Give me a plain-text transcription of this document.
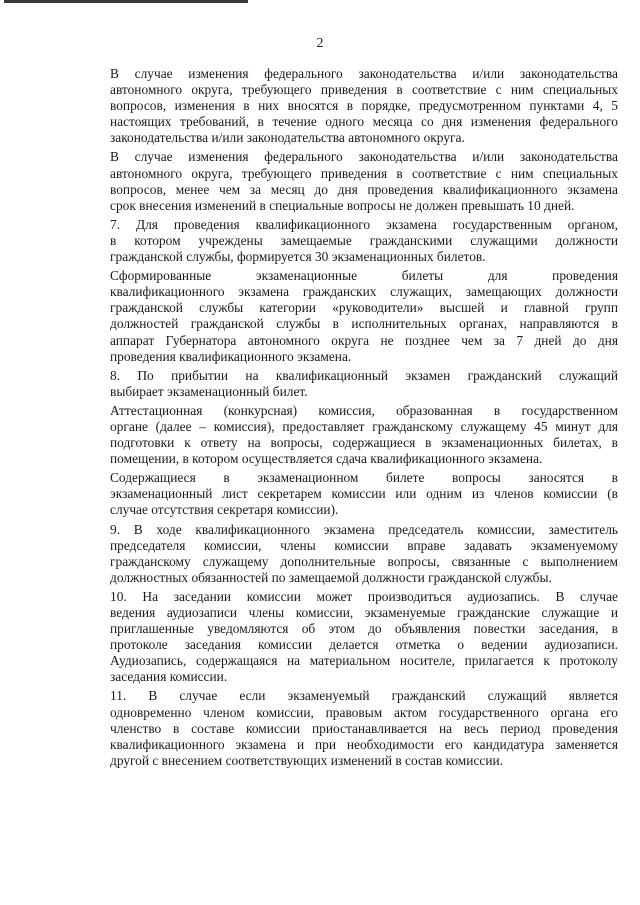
2
В случае изменения федерального законодательства и/или законодательства
автономного округа, требующего приведения в соответствие с ним специальных
вопросов, изменения в них вносятся в порядке, предусмотренном пунктами 4, 5
настоящих требований, в течение одного месяца со дня изменения федерального
законодательства и/или законодательства автономного округа.
В случае изменения федерального законодательства и/или законодательства
автономного округа, требующего приведения в соответствие с ним специальных
вопросов, менее чем за месяц до дня проведения квалификационного экзамена
срок внесения изменений в специальные вопросы не должен превышать 10 дней.
7. Для проведения квалификационного экзамена государственным органом,
в котором учреждены замещаемые гражданскими служащими должности
гражданской службы, формируется 30 экзаменационных билетов.
Сформированные экзаменационные билеты для проведения
квалификационного экзамена гражданских служащих, замещающих должности
гражданской службы категории «руководители» высшей и главной групп
должностей гражданской службы в исполнительных органах, направляются в
аппарат Губернатора автономного округа не позднее чем за 7 дней до дня
проведения квалификационного экзамена.
8. По прибытии на квалификационный экзамен гражданский служащий
выбирает экзаменационный билет.
Аттестационная (конкурсная) комиссия, образованная в государственном
органе (далее – комиссия), предоставляет гражданскому служащему 45 минут для
подготовки к ответу на вопросы, содержащиеся в экзаменационных билетах, в
помещении, в котором осуществляется сдача квалификационного экзамена.
Содержащиеся в экзаменационном билете вопросы заносятся в
экзаменационный лист секретарем комиссии или одним из членов комиссии (в
случае отсутствия секретаря комиссии).
9. В ходе квалификационного экзамена председатель комиссии, заместитель
председателя комиссии, члены комиссии вправе задавать экзаменуемому
гражданскому служащему дополнительные вопросы, связанные с выполнением
должностных обязанностей по замещаемой должности гражданской службы.
10. На заседании комиссии может производиться аудиозапись. В случае
ведения аудиозаписи члены комиссии, экзаменуемые гражданские служащие и
приглашенные уведомляются об этом до объявления повестки заседания, в
протоколе заседания комиссии делается отметка о ведении аудиозаписи.
Аудиозапись, содержащаяся на материальном носителе, прилагается к протоколу
заседания комиссии.
11. В случае если экзаменуемый гражданский служащий является
одновременно членом комиссии, правовым актом государственного органа его
членство в составе комиссии приостанавливается на весь период проведения
квалификационного экзамена и при необходимости его кандидатура заменяется
другой с внесением соответствующих изменений в состав комиссии.
